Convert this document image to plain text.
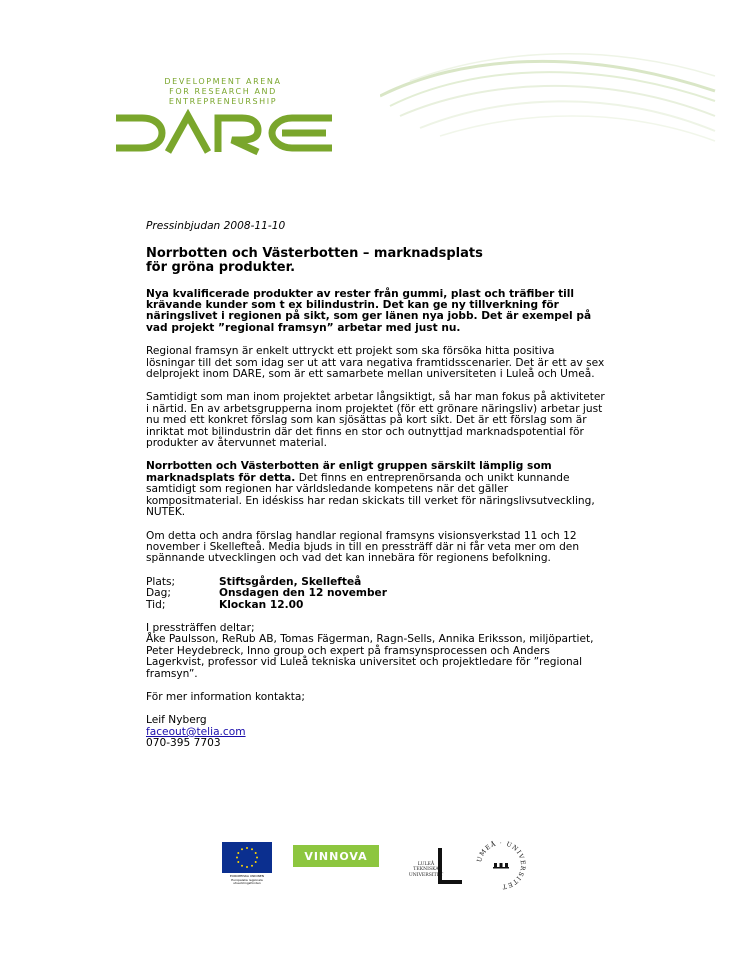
DEVELOPMENT ARENA
FOR RESEARCH AND ENTREPRENEURSHIP

Pressinbjudan 2008-11-10

Norrbotten och Västerbotten – marknadsplats
för gröna produkter.

Nya kvalificerade produkter av rester från gummi, plast och träfiber till krävande kunder som t ex bilindustrin. Det kan ge ny tillverkning för näringslivet i regionen på sikt, som ger länen nya jobb. Det är exempel på vad projekt ”regional framsyn” arbetar med just nu.

Regional framsyn är enkelt uttryckt ett projekt som ska försöka hitta positiva lösningar till det som idag ser ut att vara negativa framtidsscenarier. Det är ett av sex delprojekt inom DARE, som är ett samarbete mellan universiteten i Luleå och Umeå.

Samtidigt som man inom projektet arbetar långsiktigt, så har man fokus på aktiviteter i närtid. En av arbetsgrupperna inom projektet (för ett grönare näringsliv) arbetar just nu med ett konkret förslag som kan sjösättas på kort sikt. Det är ett förslag som är inriktat mot bilindustrin där det finns en stor och outnyttjad marknadspotential för produkter av återvunnet material.

Norrbotten och Västerbotten är enligt gruppen särskilt lämplig som marknadsplats för detta. Det finns en entreprenörsanda och unikt kunnande samtidigt som regionen har världsledande kompetens när det gäller kompositmaterial. En idéskiss har redan skickats till verket för näringslivsutveckling, NUTEK.

Om detta och andra förslag handlar regional framsyns visionsverkstad 11 och 12 november i Skellefteå. Media bjuds in till en pressträff där ni får veta mer om den spännande utvecklingen och vad det kan innebära för regionens befolkning.

Plats;	Stiftsgården, Skellefteå
Dag;	Onsdagen den 12 november
Tid;	Klockan 12.00
I pressträffen deltar;
Åke Paulsson, ReRub AB, Tomas Fägerman, Ragn-Sells, Annika Eriksson, miljöpartiet, Peter Heydebreck, Inno group och expert på framsynsprocessen och Anders Lagerkvist, professor vid Luleå tekniska universitet och projektledare för ”regional framsyn”.

För mer information kontakta;

Leif Nyberg
faceout@telia.com
070-395 7703
EUROPEISKA UNIONEN
Europeiska regionala
utvecklingsfonden
VINNOVA
LULEÅ
TEKNISKA
UNIVERSITET
UMEÅ · UNIVERSITET
